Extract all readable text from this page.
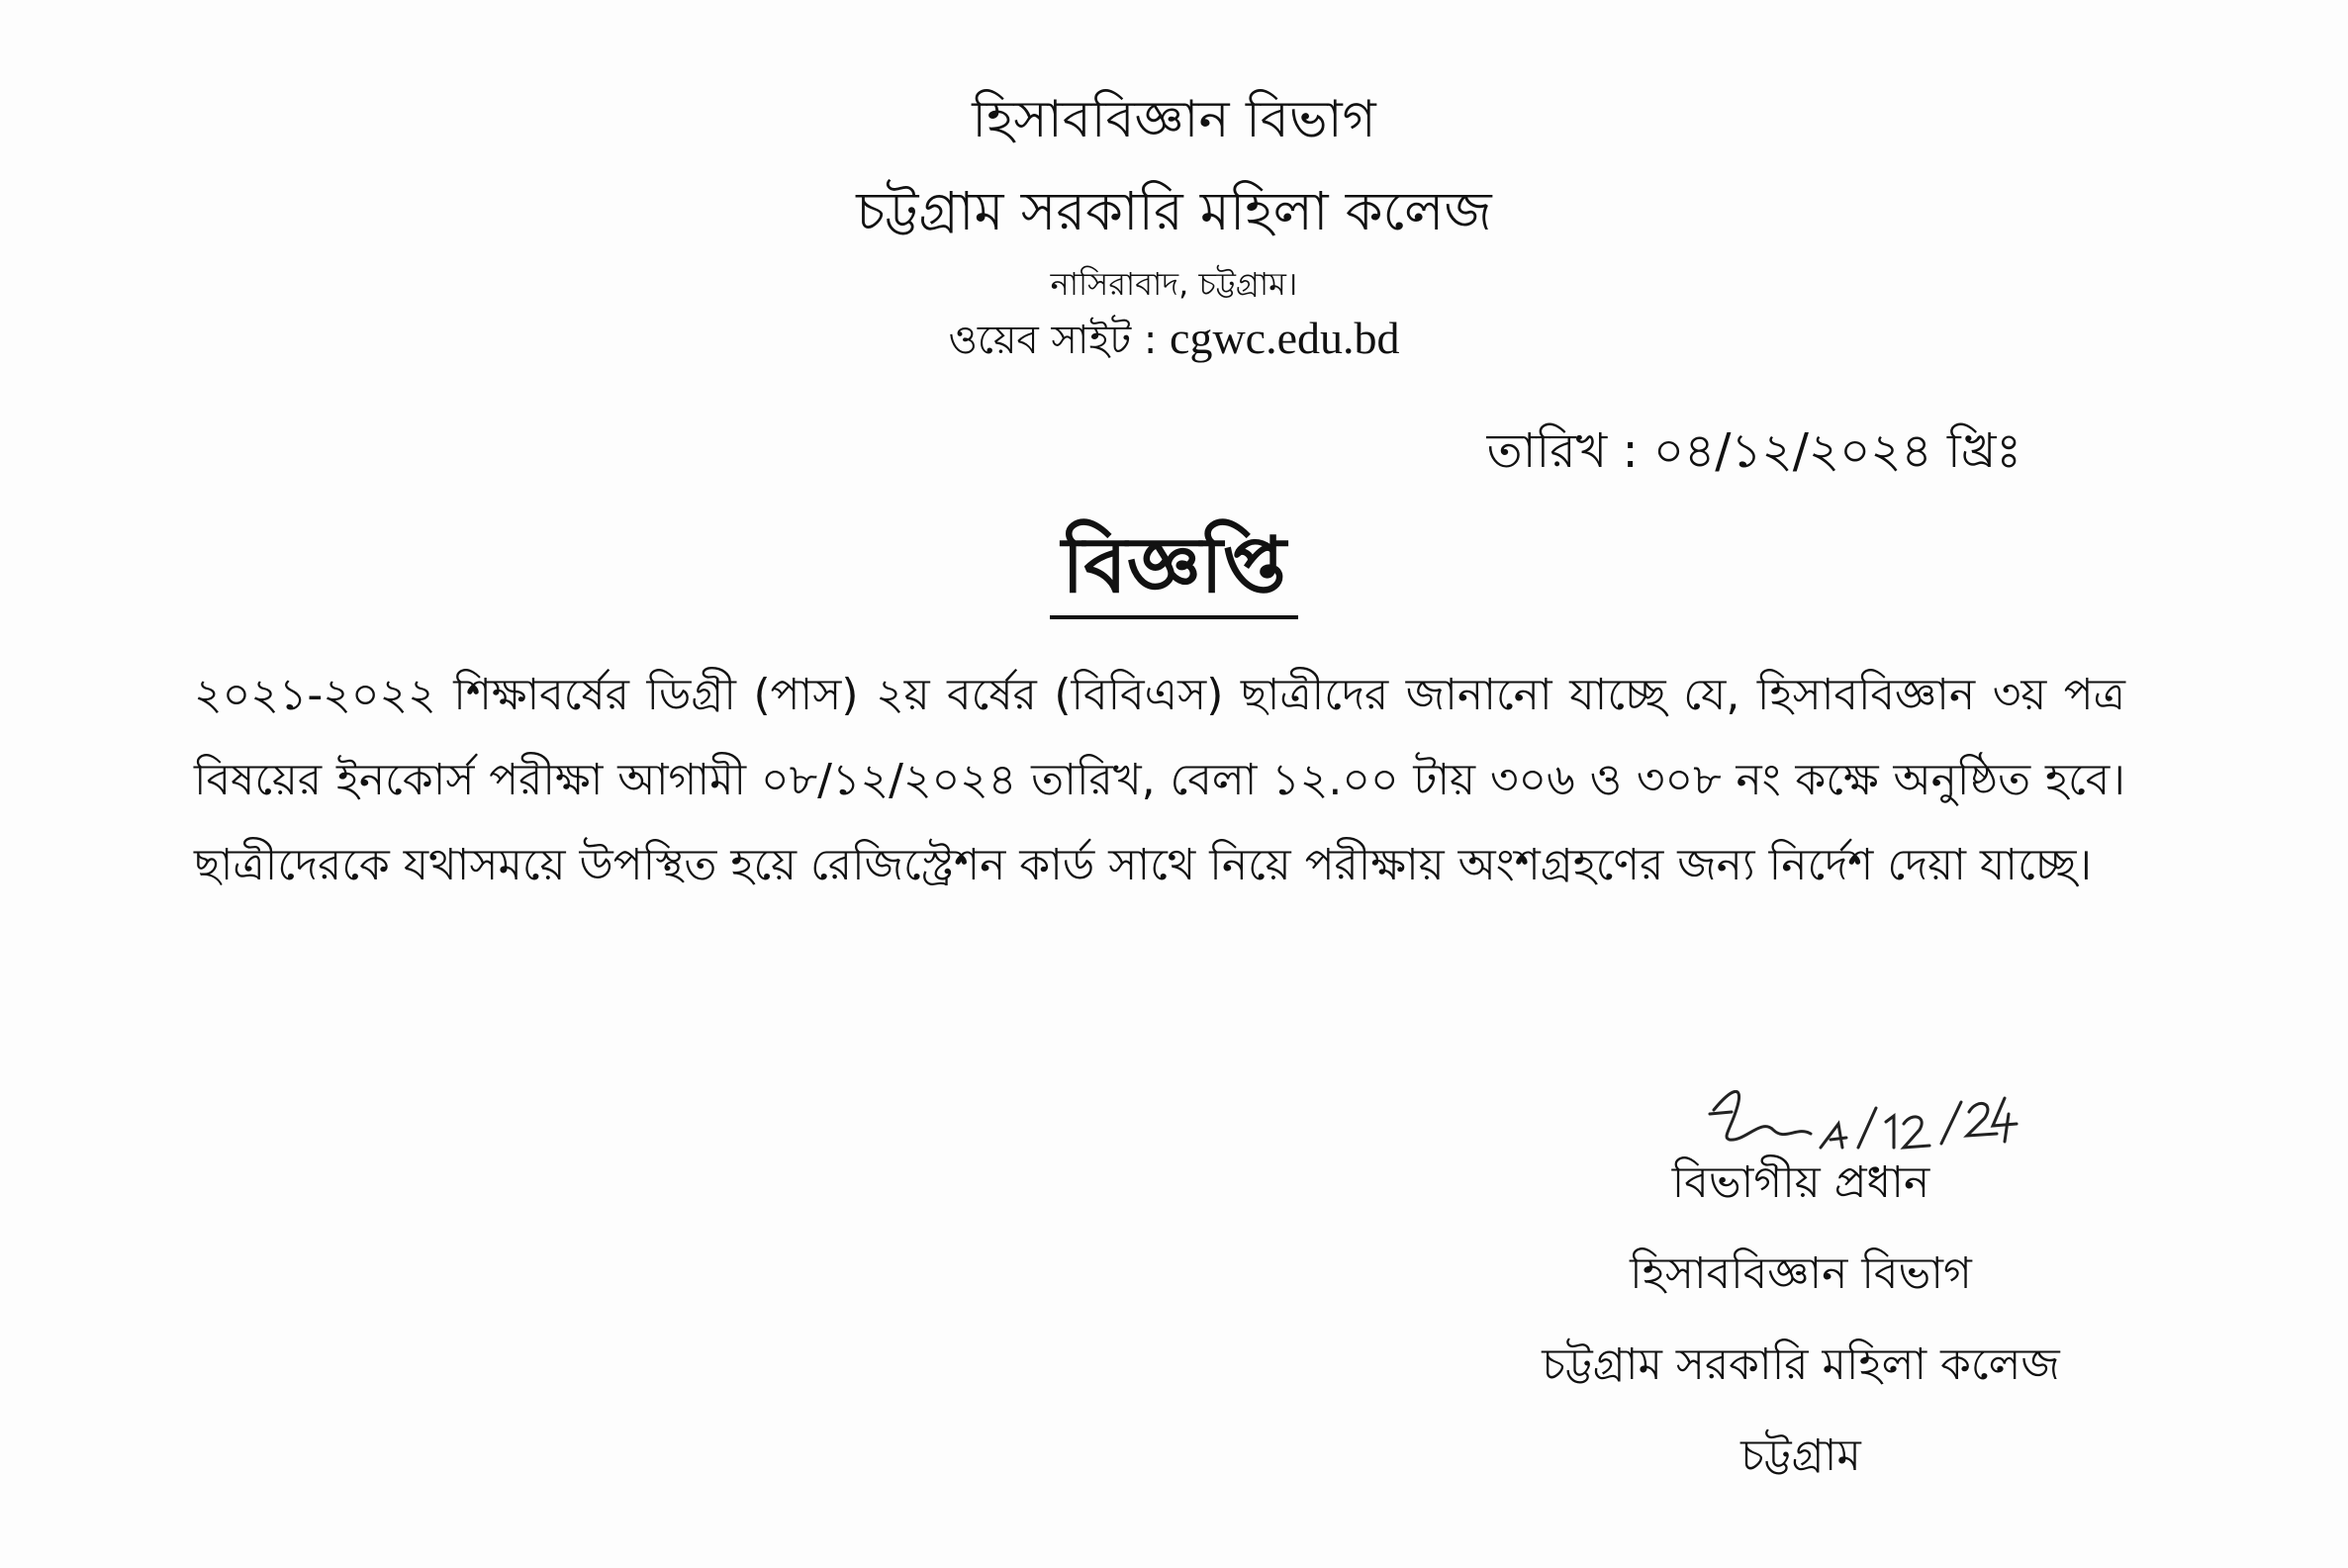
হিসাববিজ্ঞান বিভাগ
চট্টগ্রাম সরকারি মহিলা কলেজ
নাসিরাবাদ, চট্টগ্রাম।
ওয়েব সাইট : cgwc.edu.bd
তারিখ : ০৪/১২/২০২৪ খ্রিঃ
বিজ্ঞপ্তি
২০২১-২০২২ শিক্ষাবর্ষের ডিগ্রী (পাস) ২য় বর্ষের (বিবিএস) ছাত্রীদের জানানো যাচ্ছে যে, হিসাববিজ্ঞান ৩য় পত্র বিষয়ের ইনকোর্স পরীক্ষা আগামী ০৮/১২/২০২৪ তারিখ, বেলা ১২.০০ টায় ৩০৬ ও ৩০৮ নং কক্ষে অনুষ্ঠিত হবে। ছাত্রীদেরকে যথাসময়ে উপস্থিত হয়ে রেজিস্ট্রেশন কার্ড সাথে নিয়ে পরীক্ষায় অংশগ্রহণের জন্য নির্দেশ দেয়া যাচ্ছে।
বিভাগীয় প্রধান
হিসাববিজ্ঞান বিভাগ
চট্টগ্রাম সরকারি মহিলা কলেজ
চট্টগ্রাম
